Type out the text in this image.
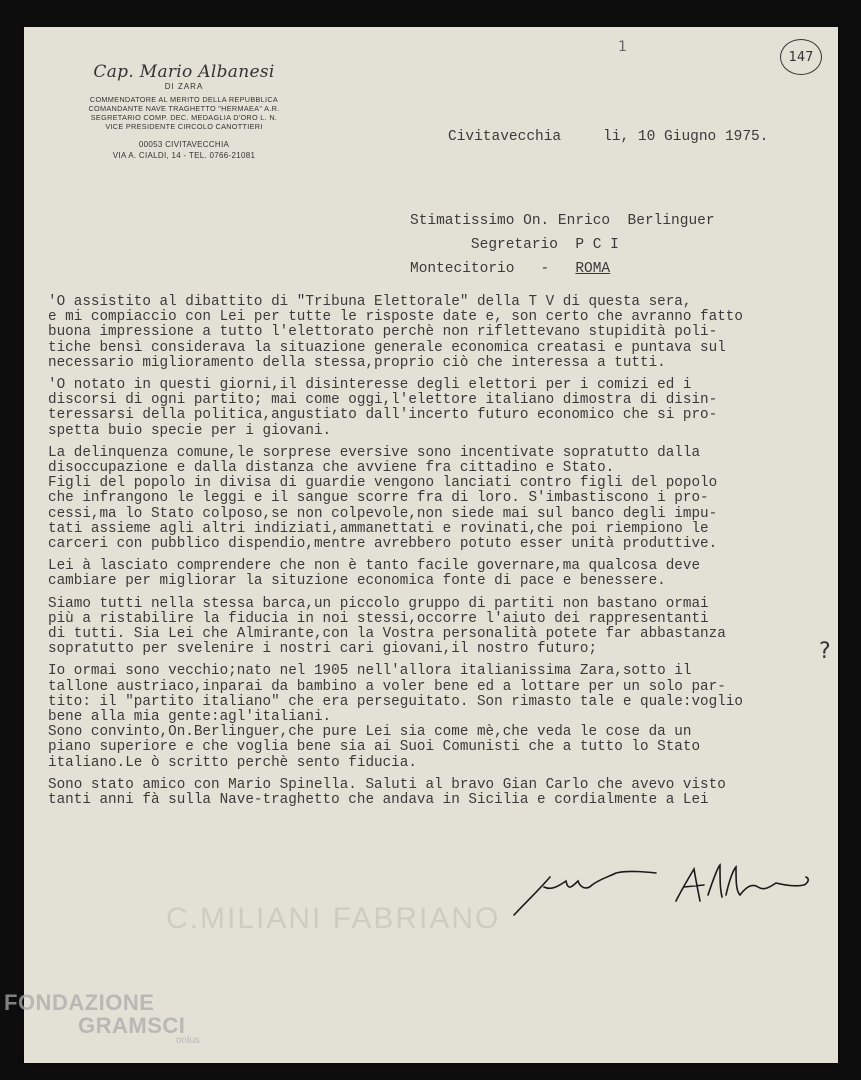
1
147
Cap. Mario Albanesi
DI ZARA
COMMENDATORE AL MERITO DELLA REPUBBLICA
COMANDANTE NAVE TRAGHETTO "HERMAEA" A.R.
SEGRETARIO COMP. DEC. MEDAGLIA D'ORO L. N.
VICE PRESIDENTE CIRCOLO CANOTTIERI
00053 CIVITAVECCHIA
VIA A. CIALDI, 14 - TEL. 0766-21081
Civitavecchia	li, 10 Giugno 1975.
Stimatissimo On. Enrico  Berlinguer
Segretario  P C I
Montecitorio   -   ROMA
'O assistito al dibattito di "Tribuna Elettorale" della T V di questa sera,
e mi compiaccio con Lei per tutte le risposte date e, son certo che avranno fatto
buona impressione a tutto l'elettorato perchè non riflettevano stupidità poli-
tiche bensì considerava la situazione generale economica creatasi e puntava sul
necessario miglioramento della stessa,proprio ciò che interessa a tutti.
'O notato in questi giorni,il disinteresse degli elettori per i comizi ed i
discorsi di ogni partito; mai come oggi,l'elettore italiano dimostra di disin-
teressarsi della politica,angustiato dall'incerto futuro economico che si pro-
spetta buio specie per i giovani.
La delinquenza comune,le sorprese eversive sono incentivate sopratutto dalla
disoccupazione e dalla distanza che avviene fra cittadino e Stato.
Figli del popolo in divisa di guardie vengono lanciati contro figli del popolo
che infrangono le leggi e il sangue scorre fra di loro. S'imbastiscono i pro-
cessi,ma lo Stato colposo,se non colpevole,non siede mai sul banco degli impu-
tati assieme agli altri indiziati,ammanettati e rovinati,che poi riempiono le
carceri con pubblico dispendio,mentre avrebbero potuto esser unità produttive.
Lei à lasciato comprendere che non è tanto facile governare,ma qualcosa deve
cambiare per migliorar la situzione economica fonte di pace e benessere.
Siamo tutti nella stessa barca,un piccolo gruppo di partiti non bastano ormai
più a ristabilire la fiducia in noi stessi,occorre l'aiuto dei rappresentanti
di tutti. Sia Lei che Almirante,con la Vostra personalità potete far abbastanza
sopratutto per svelenire i nostri cari giovani,il nostro futuro;
Io ormai sono vecchio;nato nel 1905 nell'allora italianissima Zara,sotto il
tallone austriaco,inparai da bambino a voler bene ed a lottare per un solo par-
tito: il "partito italiano" che era perseguitato. Son rimasto tale e quale:voglio
bene alla mia gente:agl'italiani.
Sono convinto,On.Berlinguer,che pure Lei sia come mè,che veda le cose da un
piano superiore e che voglia bene sia ai Suoi Comunisti che a tutto lo Stato
italiano.Le ò scritto perchè sento fiducia.
Sono stato amico con Mario Spinella. Saluti al bravo Gian Carlo che avevo visto
tanti anni fà sulla Nave-traghetto che andava in Sicilia e cordialmente a Lei
?
C.MILIANI FABRIANO
FONDAZIONE
GRAMSCI
onlus
